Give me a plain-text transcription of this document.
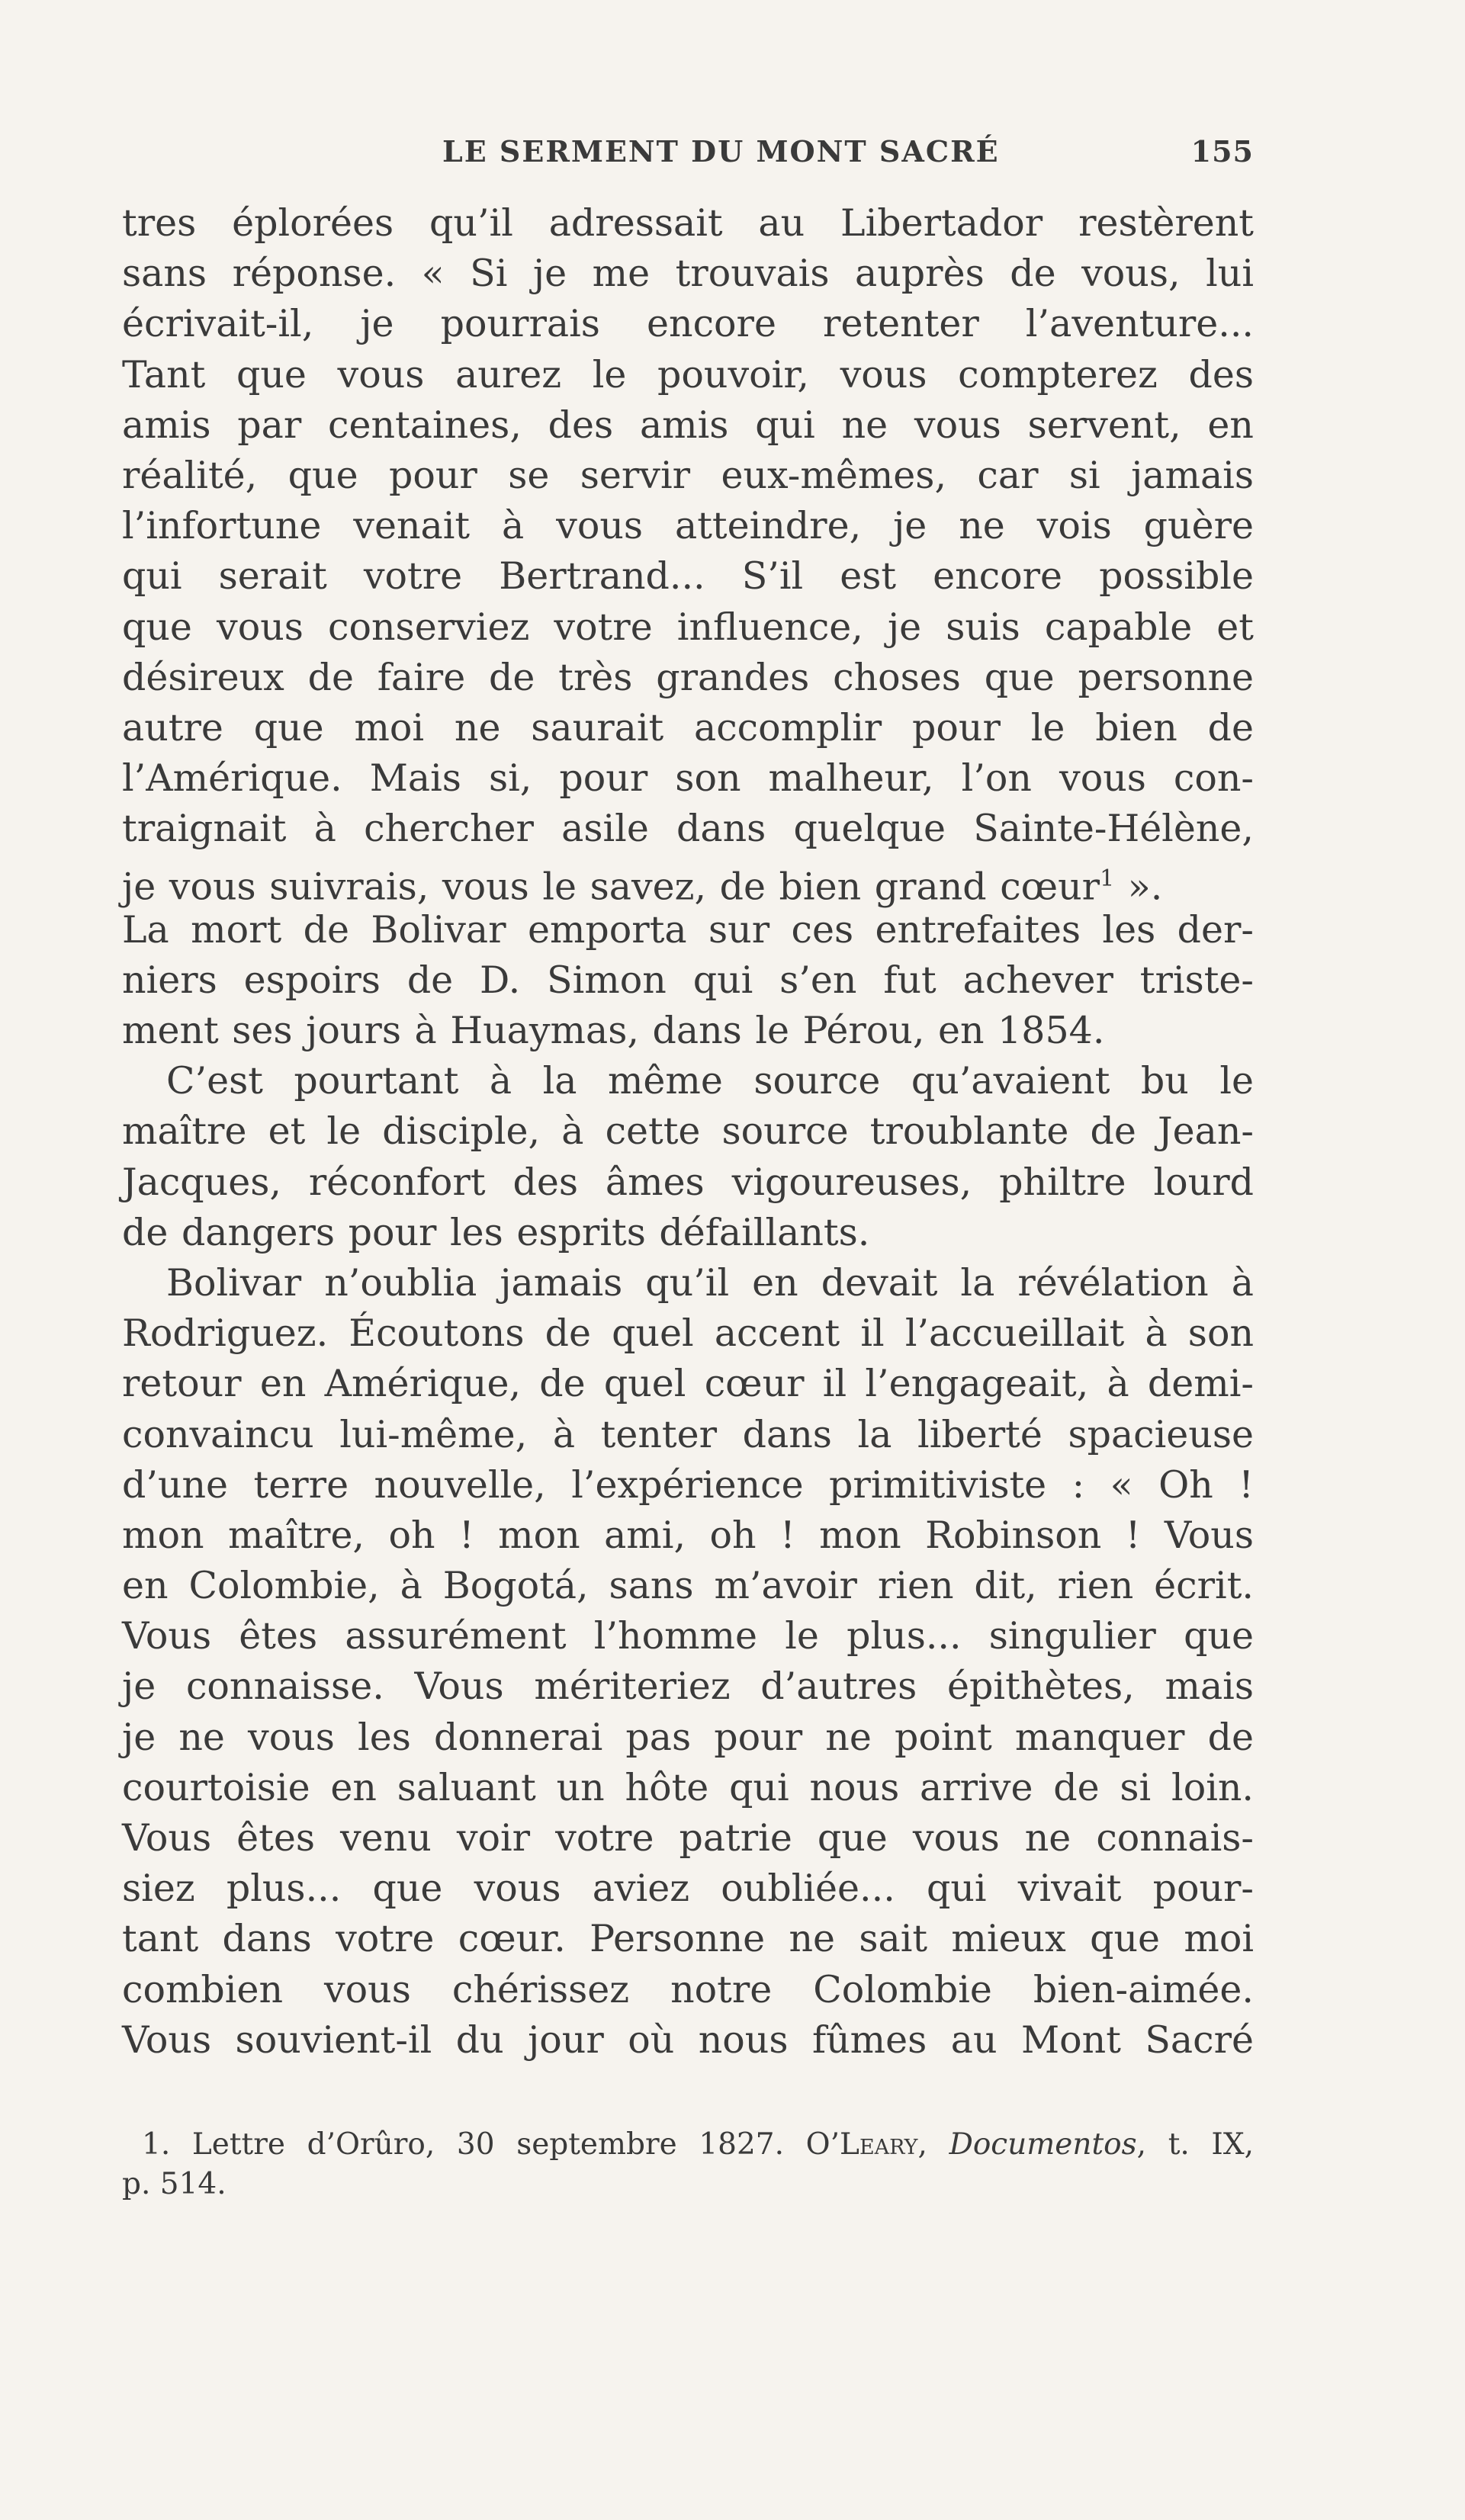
LE SERMENT DU MONT SACRÉ	155
tres éplorées qu’il adressait au Libertador restèrent
sans réponse. « Si je me trouvais auprès de vous, lui
écrivait-il, je pourrais encore retenter l’aventure...
Tant que vous aurez le pouvoir, vous compterez des
amis par centaines, des amis qui ne vous servent, en
réalité, que pour se servir eux-mêmes, car si jamais
l’infortune venait à vous atteindre, je ne vois guère
qui serait votre Bertrand... S’il est encore possible
que vous conserviez votre influence, je suis capable et
désireux de faire de très grandes choses que personne
autre que moi ne saurait accomplir pour le bien de
l’Amérique. Mais si, pour son malheur, l’on vous con-
traignait à chercher asile dans quelque Sainte-Hélène,
je vous suivrais, vous le savez, de bien grand cœur$^1$ ».
La mort de Bolivar emporta sur ces entrefaites les der-
niers espoirs de D. Simon qui s’en fut achever triste-
ment ses jours à Huaymas, dans le Pérou, en 1854.
C’est pourtant à la même source qu’avaient bu le
maître et le disciple, à cette source troublante de Jean-
Jacques, réconfort des âmes vigoureuses, philtre lourd
de dangers pour les esprits défaillants.
Bolivar n’oublia jamais qu’il en devait la révélation à
Rodriguez. Écoutons de quel accent il l’accueillait à son
retour en Amérique, de quel cœur il l’engageait, à demi-
convaincu lui-même, à tenter dans la liberté spacieuse
d’une terre nouvelle, l’expérience primitiviste : « Oh !
mon maître, oh ! mon ami, oh ! mon Robinson ! Vous
en Colombie, à Bogotá, sans m’avoir rien dit, rien écrit.
Vous êtes assurément l’homme le plus... singulier que
je connaisse. Vous mériteriez d’autres épithètes, mais
je ne vous les donnerai pas pour ne point manquer de
courtoisie en saluant un hôte qui nous arrive de si loin.
Vous êtes venu voir votre patrie que vous ne connais-
siez plus... que vous aviez oubliée... qui vivait pour-
tant dans votre cœur. Personne ne sait mieux que moi
combien vous chérissez notre Colombie bien-aimée.
Vous souvient-il du jour où nous fûmes au Mont Sacré
1. Lettre d’Orûro, 30 septembre 1827. O’Leary, Documentos, t. IX,
p. 514.
